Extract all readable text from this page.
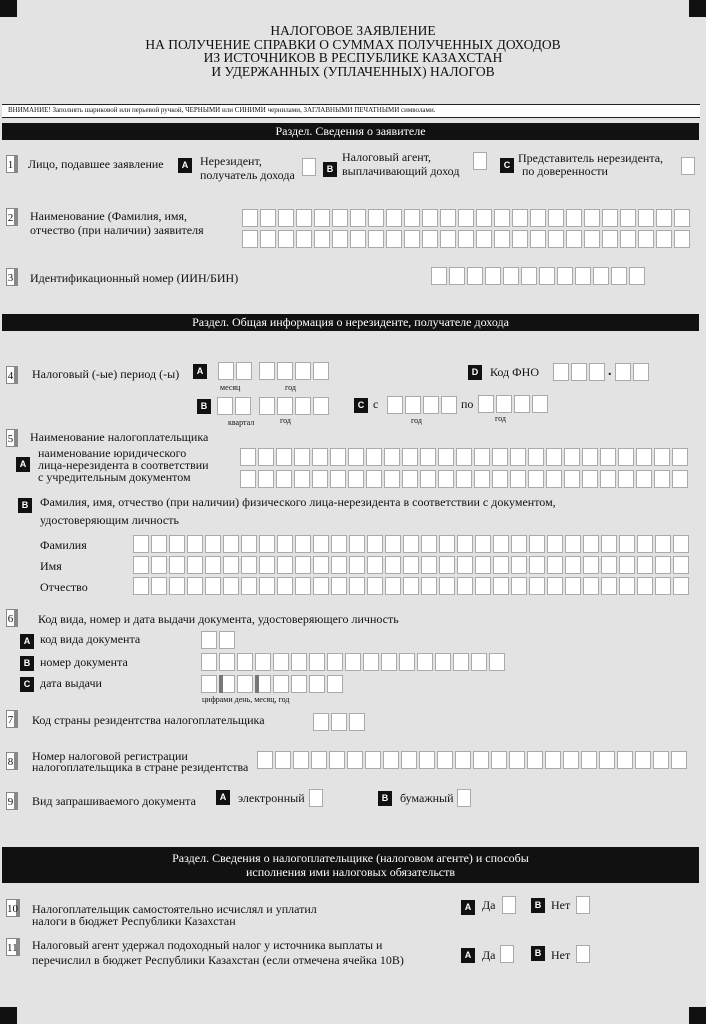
НАЛОГОВОЕ ЗАЯВЛЕНИЕ
НА ПОЛУЧЕНИЕ СПРАВКИ О СУММАХ ПОЛУЧЕННЫХ ДОХОДОВ
ИЗ ИСТОЧНИКОВ В РЕСПУБЛИКЕ КАЗАХСТАН
И УДЕРЖАННЫХ (УПЛАЧЕННЫХ) НАЛОГОВ
ВНИМАНИЕ! Заполнять шариковой или перьевой ручкой, ЧЕРНЫМИ или СИНИМИ чернилами, ЗАГЛАВНЫМИ ПЕЧАТНЫМИ символами.
Раздел. Сведения о заявителе
1	Лицо, подавшее заявление	A Нерезидент,
получатель дохода	B
Налоговый агент,
выплачивающий доход	C Представитель нерезидента,
по доверенности
2	Наименование (Фамилия, имя,
отчество (при наличии) заявителя
3	Идентификационный номер (ИИН/БИН)
Раздел. Общая информация о нерезиденте, получателе дохода
4	Налоговый (-ые) период (-ы)	A
месяц	год
D Код ФНО	.
B
квартал	год
C с
год
по
год
5	Наименование налогоплательщика
A
наименование юридического
лица-нерезидента в соответствии
с учредительным документом
B Фамилия, имя, отчество (при наличии) физического лица-нерезидента в соответствии с документом,
удостоверяющим личность
Фамилия
Имя
Отчество
6	Код вида, номер и дата выдачи документа, удостоверяющего личность
A код вида документа
B номер документа
C дата выдачи
цифрами день, месяц, год
7	Код страны резидентства налогоплательщика
8	Номер налоговой регистрации
налогоплательщика в стране резидентства
9	Вид запрашиваемого документа	A электронный	B бумажный
Раздел. Сведения о налогоплательщике (налоговом агенте) и способы
исполнения ими налоговых обязательств
10 Налогоплательщик самостоятельно исчислял и уплатил
налоги в бюджет Республики Казахстан
A Да	B Нет
11 Налоговый агент удержал подоходный налог у источника выплаты и
перечислил в бюджет Республики Казахстан (если отмечена ячейка 10В)	A Да	B Нет
